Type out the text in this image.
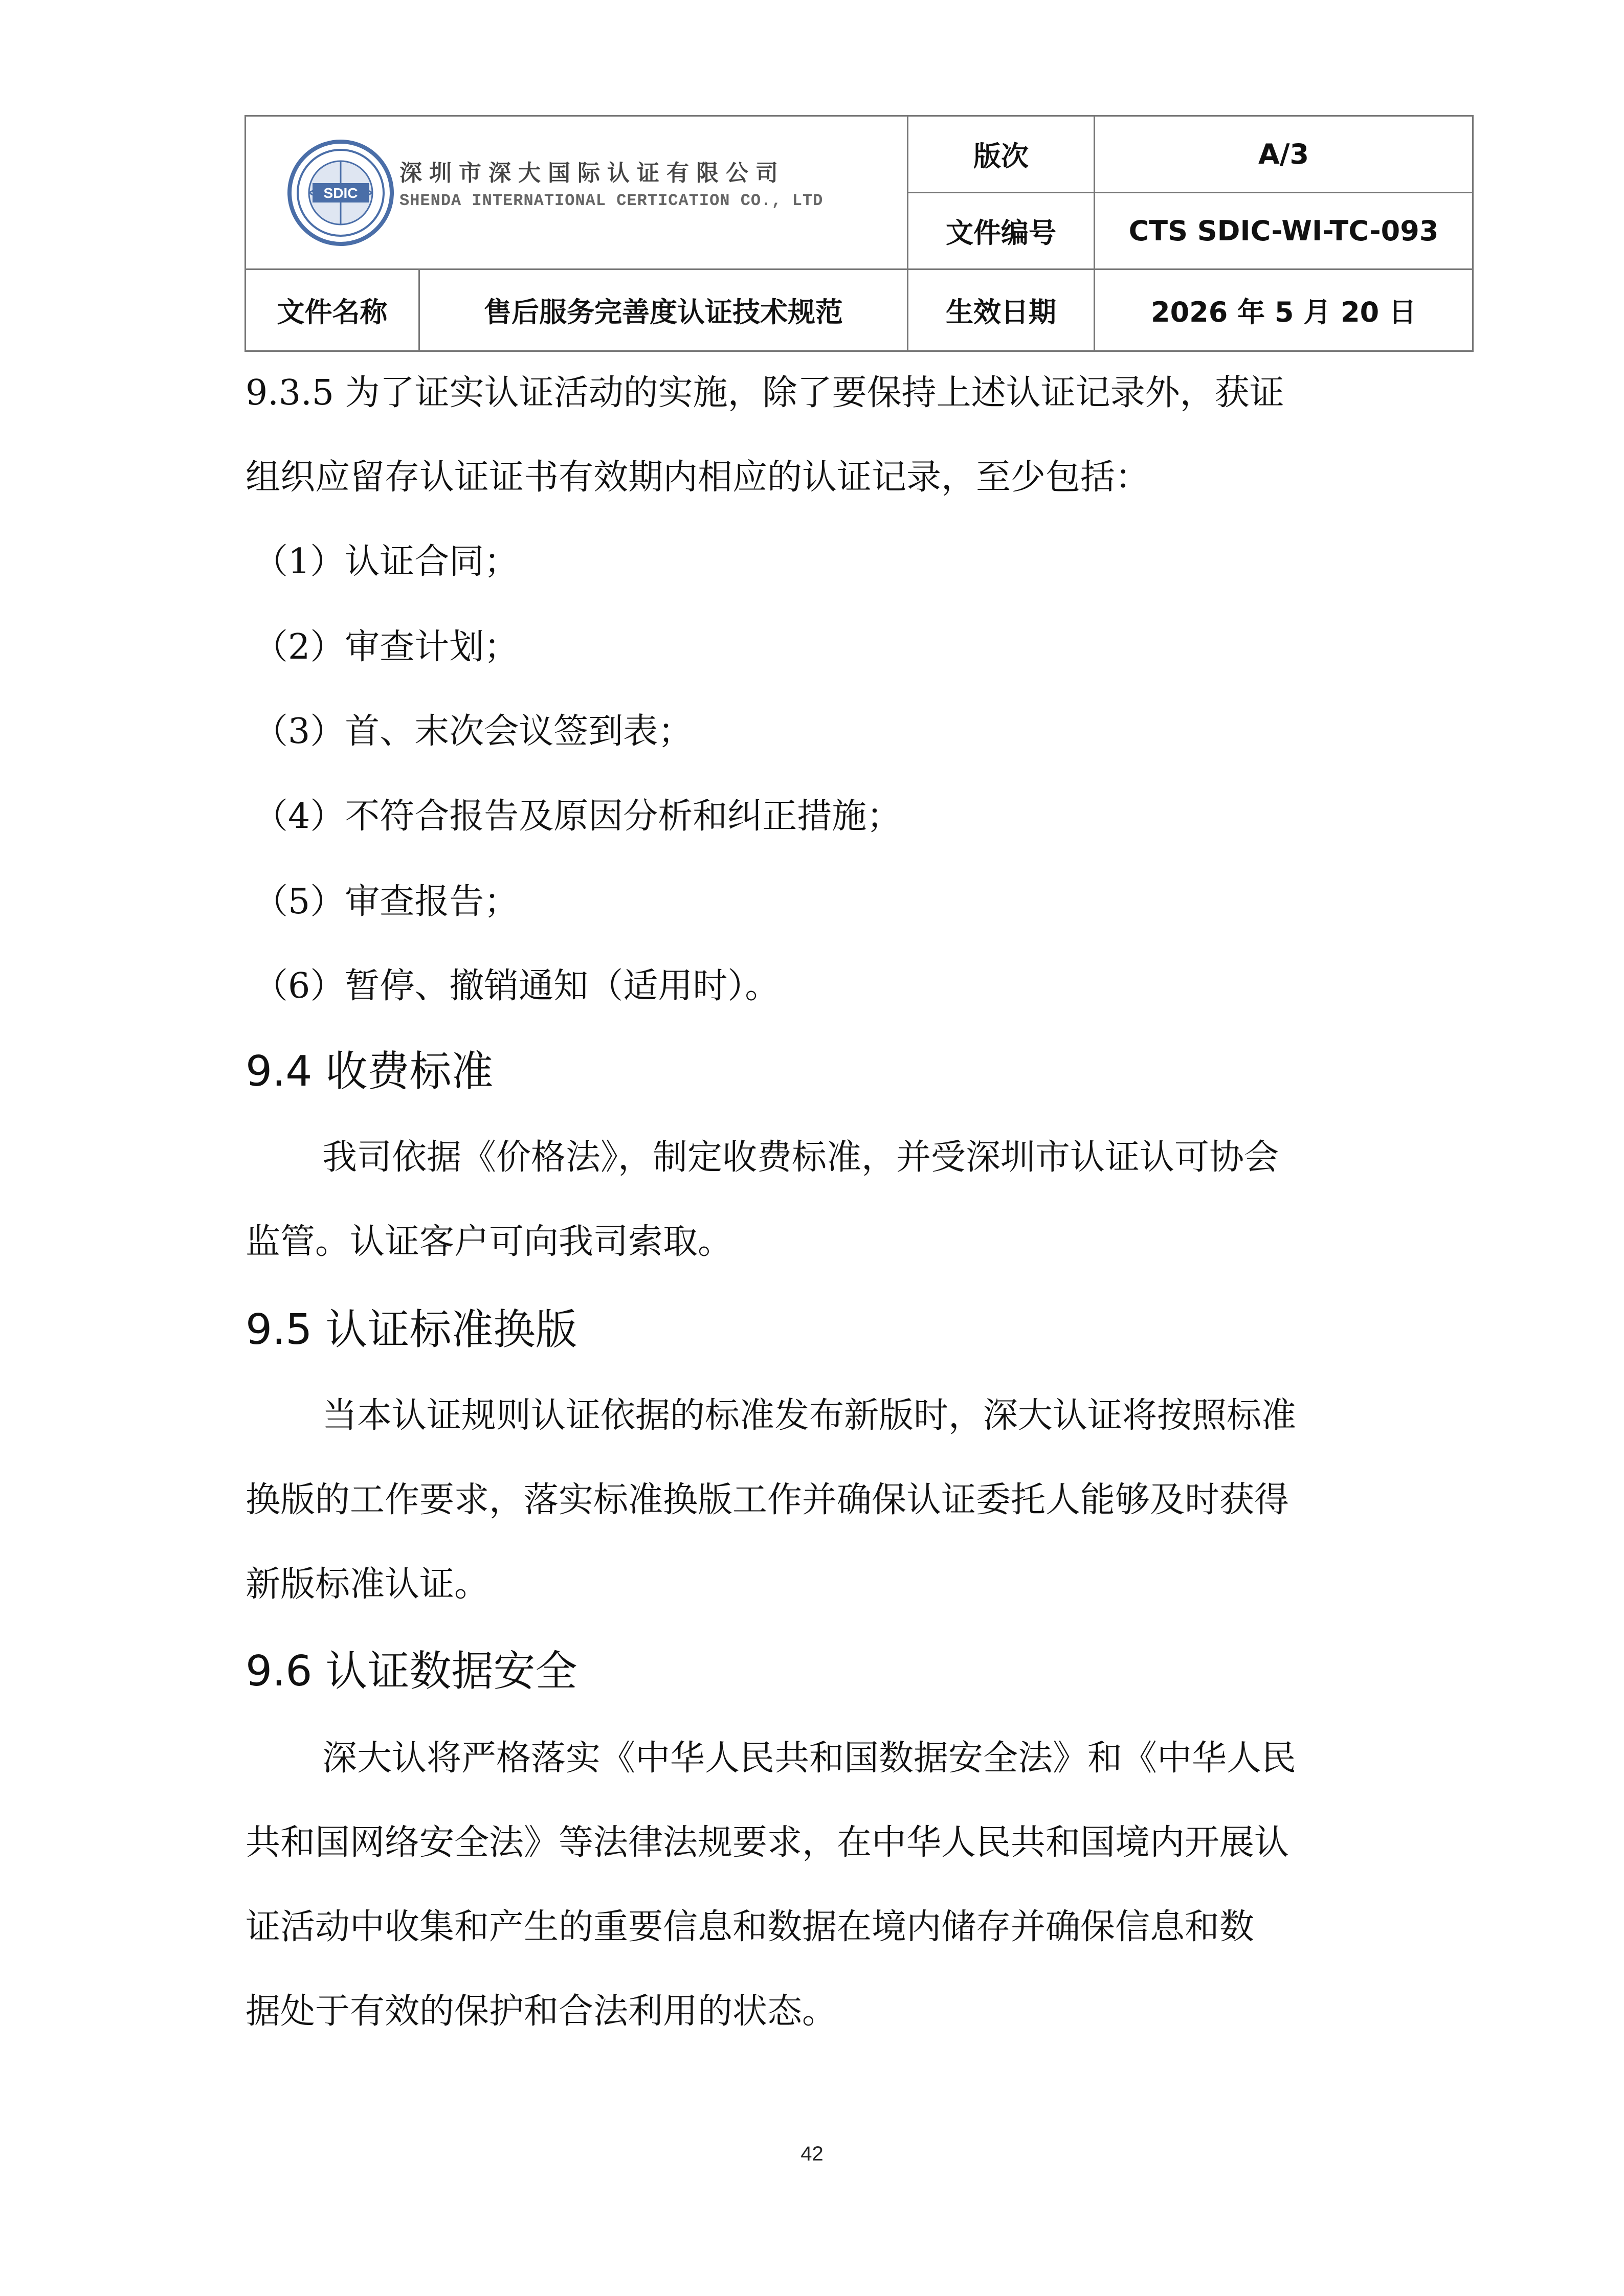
SDIC
深圳市深大国际认证有限公司
SHENDA INTERNATIONAL CERTICATION CO., LTD		版次	A/3
		文件编号	CTS SDIC-WI-TC-093
文件名称	售后服务完善度认证技术规范	生效日期	2026 年 5 月 20 日
9.3.5 为了证实认证活动的实施，除了要保持上述认证记录外，获证
组织应留存认证证书有效期内相应的认证记录，至少包括：
（1）认证合同；
（2）审查计划；
（3）首、末次会议签到表；
（4）不符合报告及原因分析和纠正措施；
（5）审查报告；
（6）暂停、撤销通知（适用时）。
9.4 收费标准
我司依据《价格法》，制定收费标准，并受深圳市认证认可协会
监管。认证客户可向我司索取。
9.5 认证标准换版
当本认证规则认证依据的标准发布新版时，深大认证将按照标准
换版的工作要求，落实标准换版工作并确保认证委托人能够及时获得
新版标准认证。
9.6 认证数据安全
深大认将严格落实《中华人民共和国数据安全法》和《中华人民
共和国网络安全法》等法律法规要求，在中华人民共和国境内开展认
证活动中收集和产生的重要信息和数据在境内储存并确保信息和数
据处于有效的保护和合法利用的状态。
42
